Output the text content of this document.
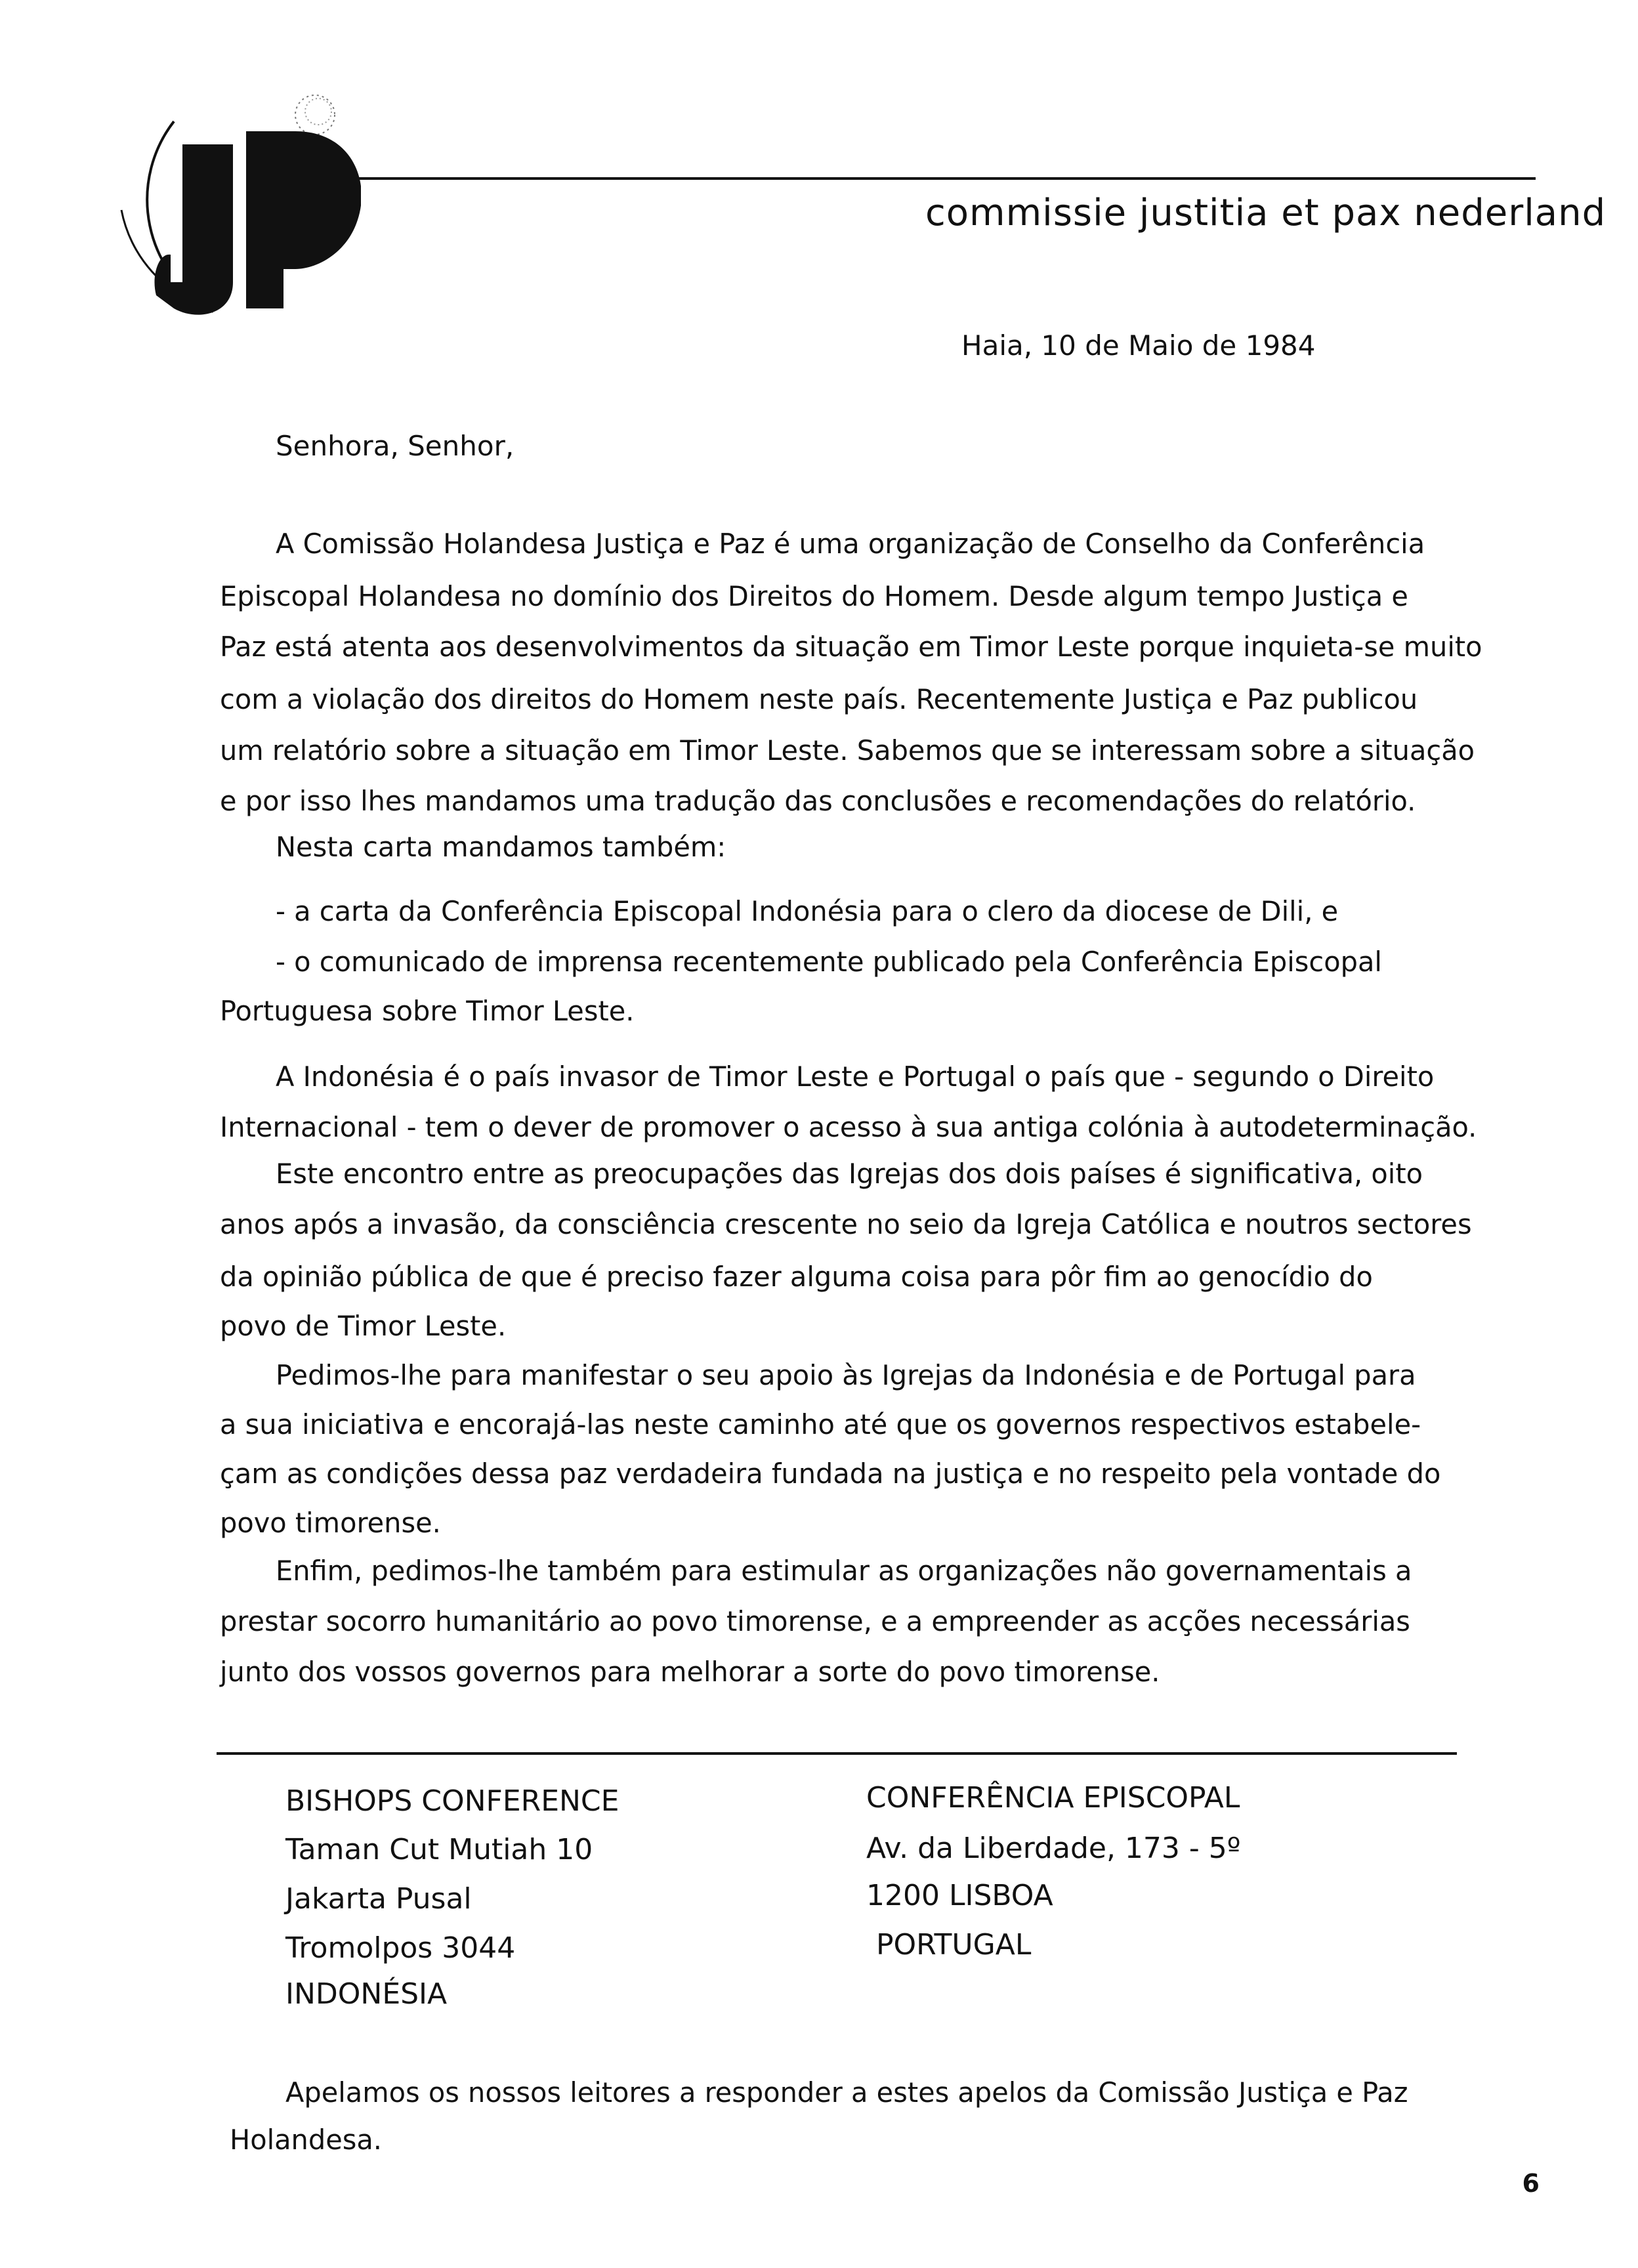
commissie justitia et pax nederland
Haia, 10 de Maio de 1984
Senhora, Senhor,
A Comissão Holandesa Justiça e Paz é uma organização de Conselho da Conferência
Episcopal Holandesa no domínio dos Direitos do Homem. Desde algum tempo Justiça e
Paz está atenta aos desenvolvimentos da situação em Timor Leste porque inquieta-se muito
com a violação dos direitos do Homem neste país. Recentemente Justiça e Paz publicou
um relatório sobre a situação em Timor Leste. Sabemos que se interessam sobre a situação
e por isso lhes mandamos uma tradução das conclusões e recomendações do relatório.
Nesta carta mandamos também:
- a carta da Conferência Episcopal Indonésia para o clero da diocese de Dili, e
- o comunicado de imprensa recentemente publicado pela Conferência Episcopal
Portuguesa sobre Timor Leste.
A Indonésia é o país invasor de Timor Leste e Portugal o país que - segundo o Direito
Internacional - tem o dever de promover o acesso à sua antiga colónia à autodeterminação.
Este encontro entre as preocupações das Igrejas dos dois países é significativa, oito
anos após a invasão, da consciência crescente no seio da Igreja Católica e noutros sectores
da opinião pública de que é preciso fazer alguma coisa para pôr fim ao genocídio do
povo de Timor Leste.
Pedimos-lhe para manifestar o seu apoio às Igrejas da Indonésia e de Portugal para
a sua iniciativa e encorajá-las neste caminho até que os governos respectivos estabele-
çam as condições dessa paz verdadeira fundada na justiça e no respeito pela vontade do
povo timorense.
Enfim, pedimos-lhe também para estimular as organizações não governamentais a
prestar socorro humanitário ao povo timorense, e a empreender as acções necessárias
junto dos vossos governos para melhorar a sorte do povo timorense.
BISHOPS CONFERENCE
Taman Cut Mutiah 10
Jakarta Pusal
Tromolpos 3044
INDONÉSIA
CONFERÊNCIA EPISCOPAL
Av. da Liberdade, 173 - 5º
1200 LISBOA
PORTUGAL
Apelamos os nossos leitores a responder a estes apelos da Comissão Justiça e Paz
Holandesa.
6
